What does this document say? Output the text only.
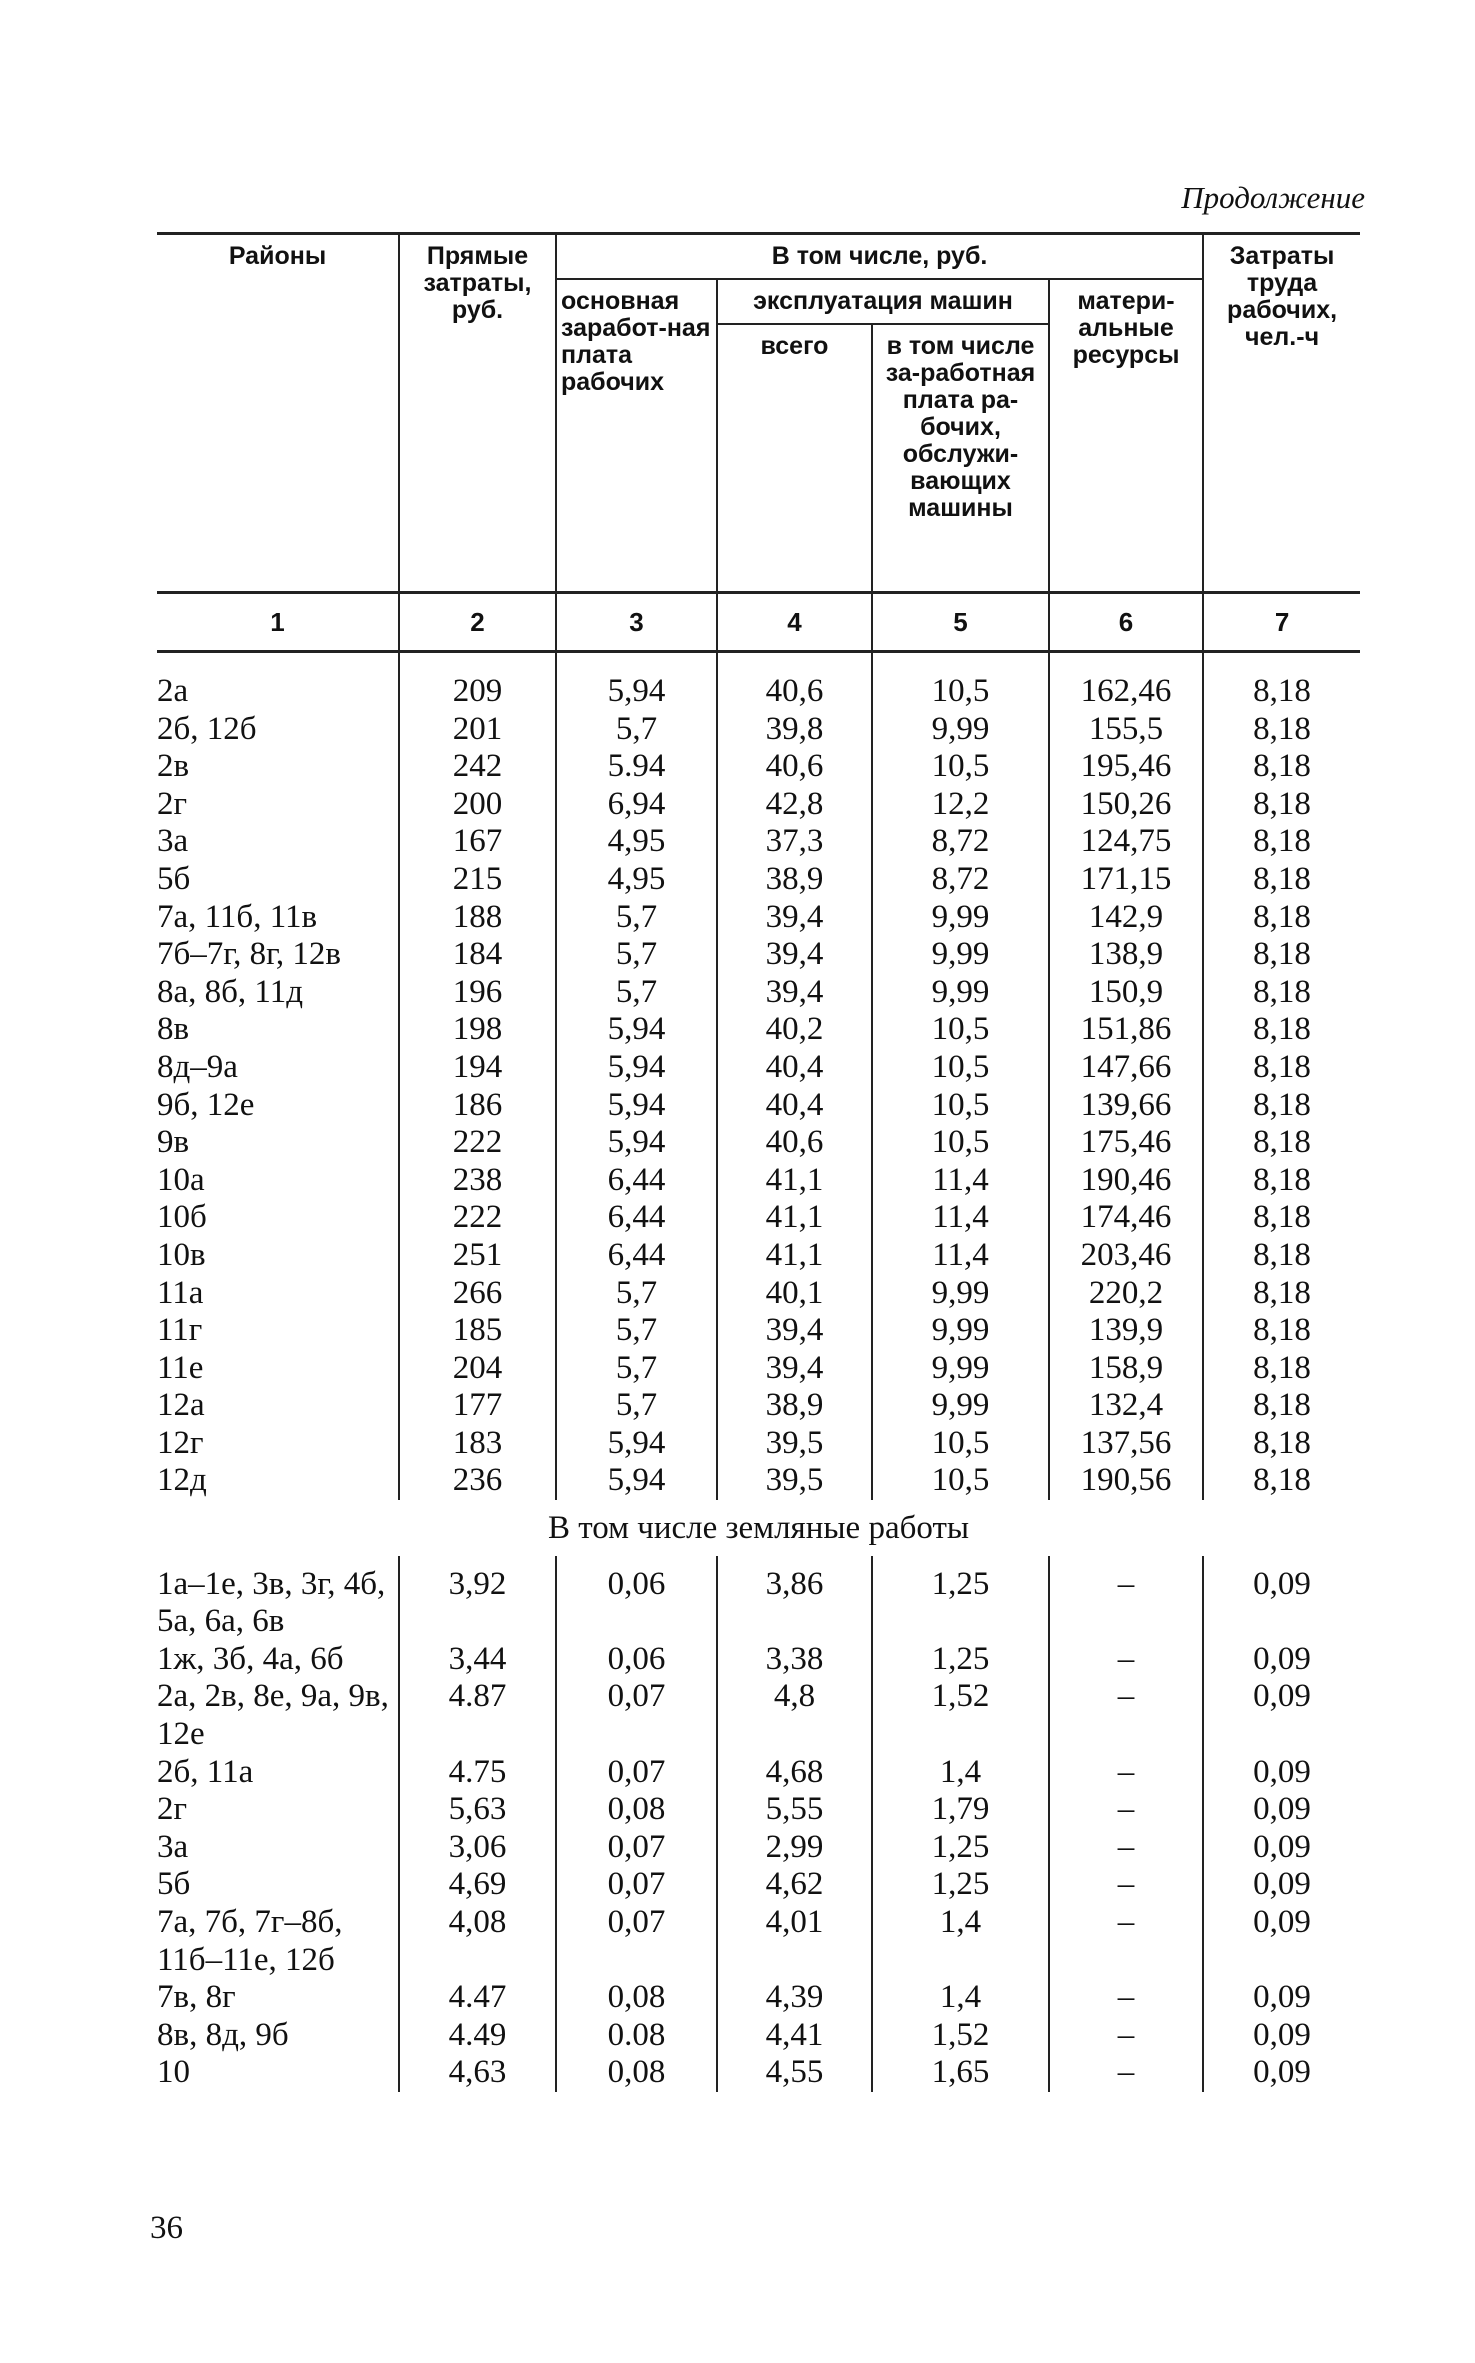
Продолжение
Районы	Прямые затраты, руб.	В том числе, руб.				Затраты труда рабочих, чел.-ч
		основная заработ-ная плата рабочих	эксплуатация машин		матери-альные ресурсы	
			всего	в том числе за-работная плата ра-бочих, обслужи-вающих машины		
1	2	3	4	5	6	7

2а	209	5,94	40,6	10,5	162,46	8,18
2б, 12б	201	5,7	39,8	9,99	155,5	8,18
2в	242	5.94	40,6	10,5	195,46	8,18
2г	200	6,94	42,8	12,2	150,26	8,18
3а	167	4,95	37,3	8,72	124,75	8,18
5б	215	4,95	38,9	8,72	171,15	8,18
7а, 11б, 11в	188	5,7	39,4	9,99	142,9	8,18
7б–7г, 8г, 12в	184	5,7	39,4	9,99	138,9	8,18
8а, 8б, 11д	196	5,7	39,4	9,99	150,9	8,18
8в	198	5,94	40,2	10,5	151,86	8,18
8д–9а	194	5,94	40,4	10,5	147,66	8,18
9б, 12е	186	5,94	40,4	10,5	139,66	8,18
9в	222	5,94	40,6	10,5	175,46	8,18
10а	238	6,44	41,1	11,4	190,46	8,18
10б	222	6,44	41,1	11,4	174,46	8,18
10в	251	6,44	41,1	11,4	203,46	8,18
11а	266	5,7	40,1	9,99	220,2	8,18
11г	185	5,7	39,4	9,99	139,9	8,18
11е	204	5,7	39,4	9,99	158,9	8,18
12а	177	5,7	38,9	9,99	132,4	8,18
12г	183	5,94	39,5	10,5	137,56	8,18
12д	236	5,94	39,5	10,5	190,56	8,18
В том числе земляные работы						

1а–1е, 3в, 3г, 4б, 5а, 6а, 6в	3,92	0,06	3,86	1,25	–	0,09
1ж, 3б, 4а, 6б	3,44	0,06	3,38	1,25	–	0,09
2а, 2в, 8е, 9а, 9в, 12е	4.87	0,07	4,8	1,52	–	0,09
2б, 11а	4.75	0,07	4,68	1,4	–	0,09
2г	5,63	0,08	5,55	1,79	–	0,09
3а	3,06	0,07	2,99	1,25	–	0,09
5б	4,69	0,07	4,62	1,25	–	0,09
7а, 7б, 7г–8б, 11б–11е, 12б	4,08	0,07	4,01	1,4	–	0,09
7в, 8г	4.47	0,08	4,39	1,4	–	0,09
8в, 8д, 9б	4.49	0.08	4,41	1,52	–	0,09
10	4,63	0,08	4,55	1,65	–	0,09
36
